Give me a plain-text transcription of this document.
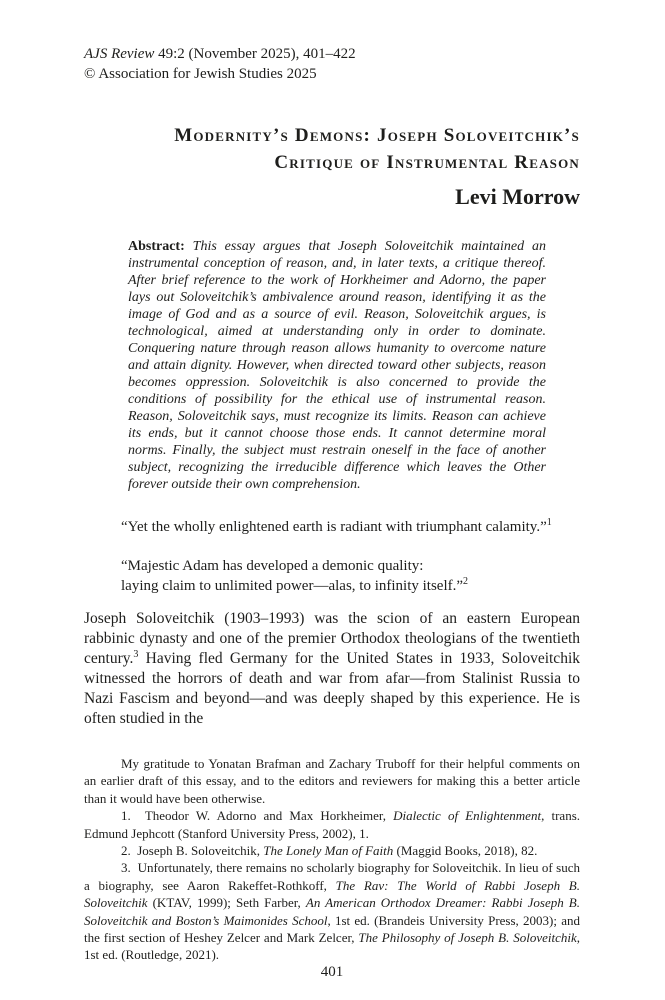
AJS Review 49:2 (November 2025), 401–422
© Association for Jewish Studies 2025
Modernity’s Demons: Joseph Soloveitchik’s
Critique of Instrumental Reason
Levi Morrow
Abstract: This essay argues that Joseph Soloveitchik maintained an instrumental conception of reason, and, in later texts, a critique thereof. After brief reference to the work of Horkheimer and Adorno, the paper lays out Soloveitchik’s ambivalence around reason, identifying it as the image of God and as a source of evil. Reason, Soloveitchik argues, is technological, aimed at understanding only in order to dominate. Conquering nature through reason allows humanity to overcome nature and attain dignity. However, when directed toward other subjects, reason becomes oppression. Soloveitchik is also concerned to provide the conditions of possibility for the ethical use of instrumental reason. Reason, Soloveitchik says, must recognize its limits. Reason can achieve its ends, but it cannot choose those ends. It cannot determine moral norms. Finally, the subject must restrain oneself in the face of another subject, recognizing the irreducible difference which leaves the Other forever outside their own comprehension.
“Yet the wholly enlightened earth is radiant with triumphant calamity.”$^1$
“Majestic Adam has developed a demonic quality:
laying claim to unlimited power—alas, to infinity itself.”$^2$

Joseph Soloveitchik (1903–1993) was the scion of an eastern European rabbinic dynasty and one of the premier Orthodox theologians of the twentieth century.$^3$ Having fled Germany for the United States in 1933, Soloveitchik witnessed the horrors of death and war from afar—from Stalinist Russia to Nazi Fascism and beyond—and was deeply shaped by this experience. He is often studied in the

My gratitude to Yonatan Brafman and Zachary Truboff for their helpful comments on an earlier draft of this essay, and to the editors and reviewers for making this a better article than it would have been otherwise.

1.  Theodor W. Adorno and Max Horkheimer, Dialectic of Enlightenment, trans. Edmund Jephcott (Stanford University Press, 2002), 1.

2.  Joseph B. Soloveitchik, The Lonely Man of Faith (Maggid Books, 2018), 82.

3.  Unfortunately, there remains no scholarly biography for Soloveitchik. In lieu of such a biography, see Aaron Rakeffet-Rothkoff, The Rav: The World of Rabbi Joseph B. Soloveitchik (KTAV, 1999); Seth Farber, An American Orthodox Dreamer: Rabbi Joseph B. Soloveitchik and Boston’s Maimonides School, 1st ed. (Brandeis University Press, 2003); and the first section of Heshey Zelcer and Mark Zelcer, The Philosophy of Joseph B. Soloveitchik, 1st ed. (Routledge, 2021).

401
